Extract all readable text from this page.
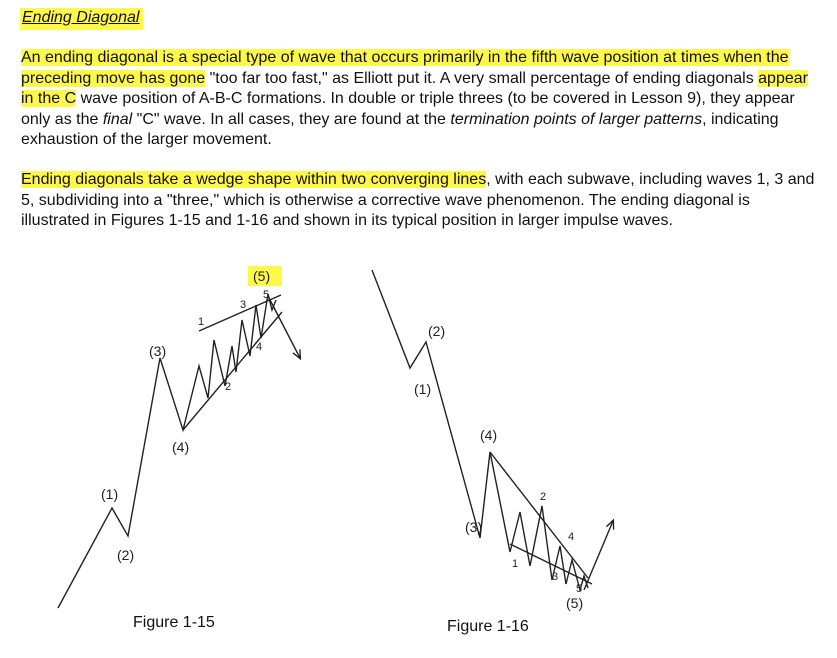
Ending Diagonal

An ending diagonal is a special type of wave that occurs primarily in the fifth wave position at times when the preceding move has gone "too far too fast," as Elliott put it. A very small percentage of ending diagonals appear in the C wave position of A-B-C formations. In double or triple threes (to be covered in Lesson 9), they appear only as the final "C" wave. In all cases, they are found at the termination points of larger patterns, indicating exhaustion of the larger movement.

Ending diagonals take a wedge shape within two converging lines, with each subwave, including waves 1, 3 and 5, subdividing into a "three," which is otherwise a corrective wave phenomenon. The ending diagonal is illustrated in Figures 1-15 and 1-16 and shown in its typical position in larger impulse waves.

(1)
(2)
(3)
(4)
(5)
1
2
3
4
5
(1)
(2)
(3)
(4)
(5)
1
2
3
4
5
Figure 1-15	Figure 1-16
